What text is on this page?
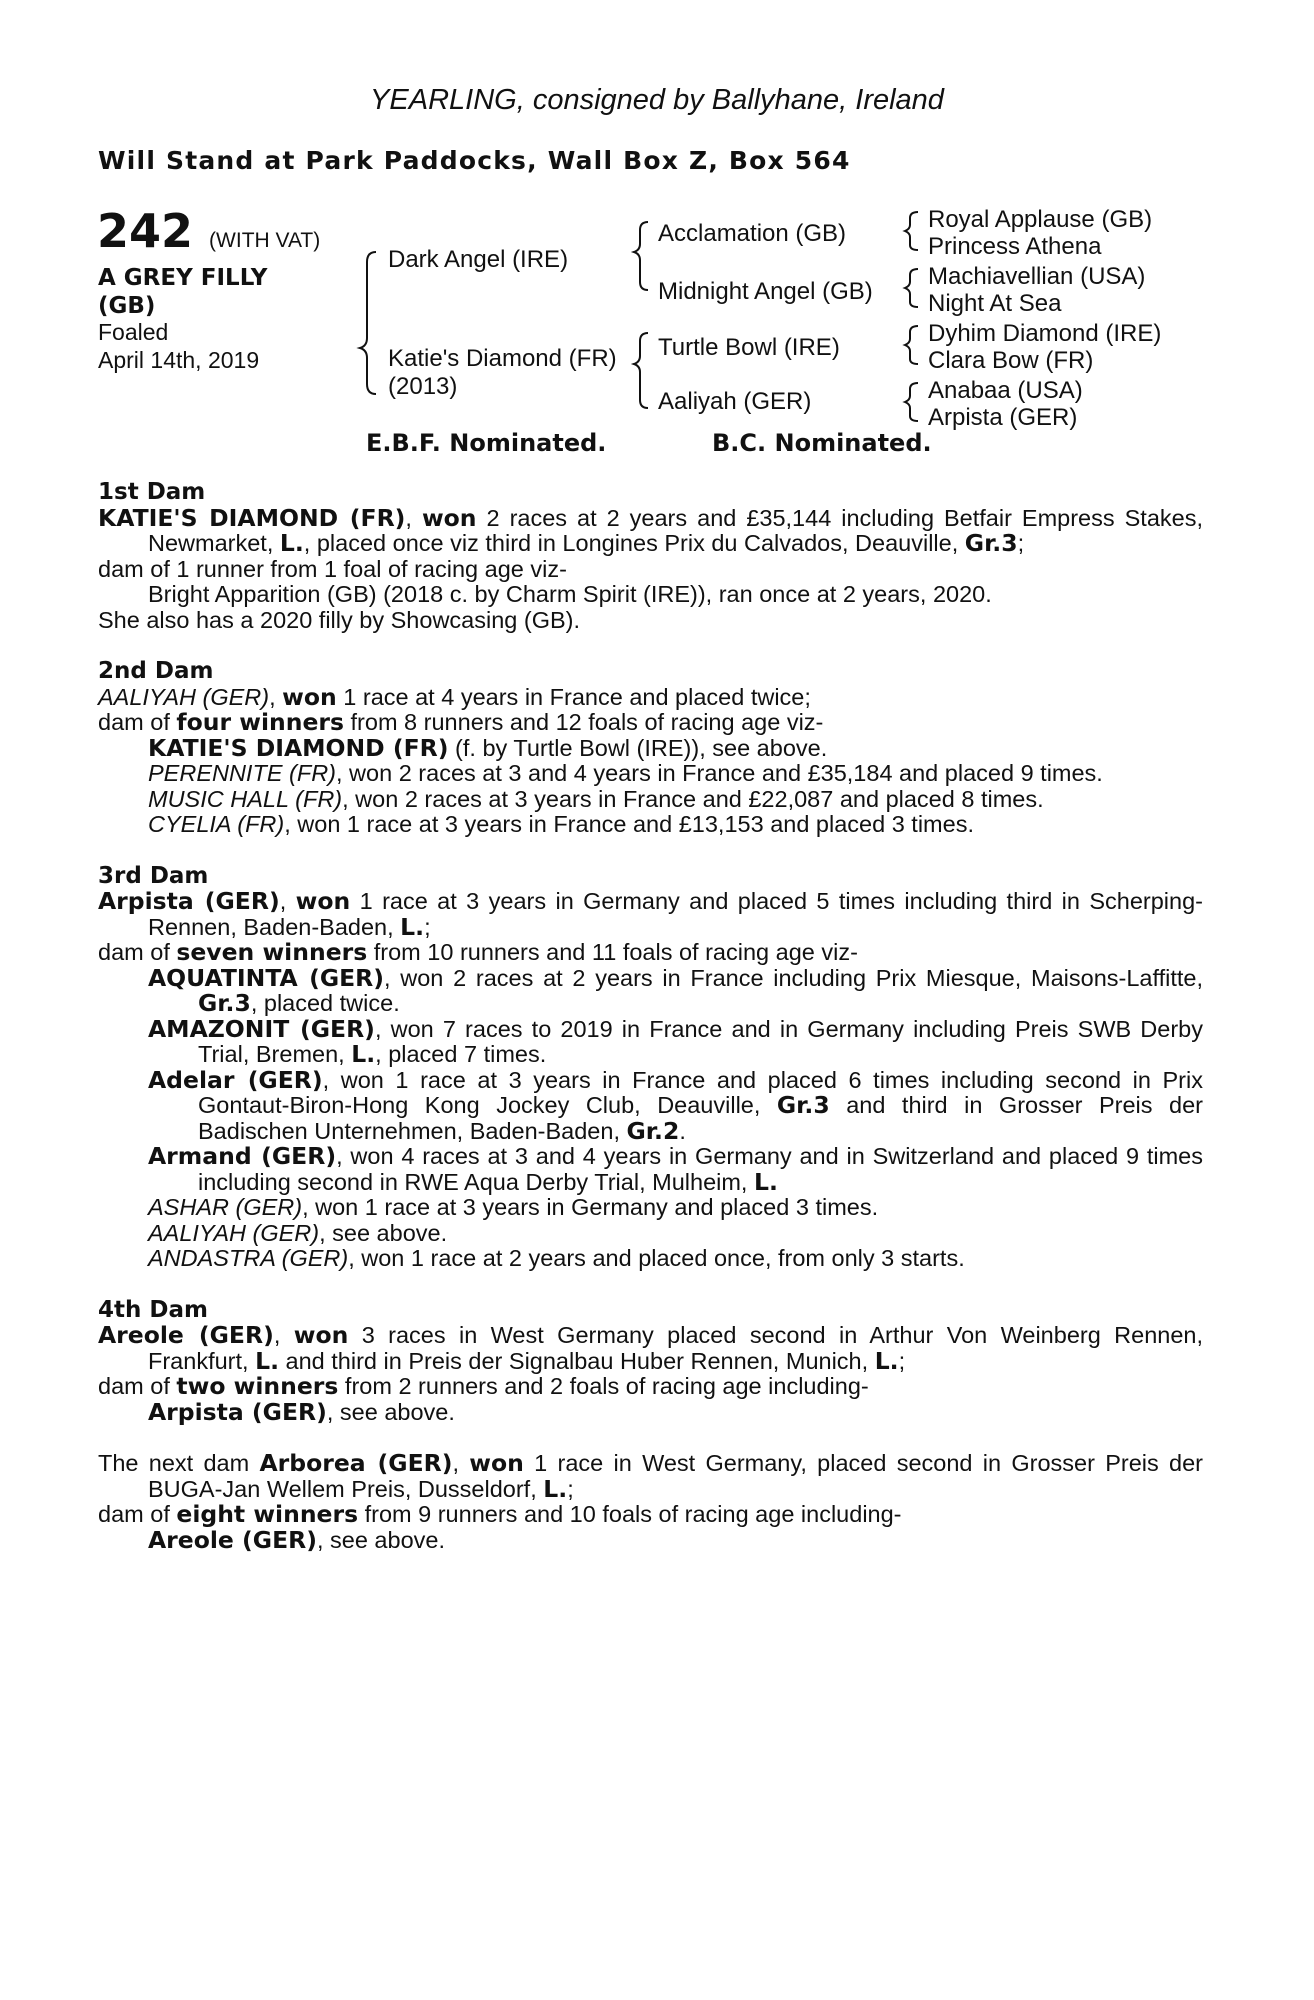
YEARLING, consigned by Ballyhane, Ireland
Will Stand at Park Paddocks, Wall Box Z, Box 564
242 (WITH VAT)
A GREY FILLY (GB)
Foaled
April 14th, 2019
Dark Angel (IRE)
Katie's Diamond (FR)
(2013)
Acclamation (GB)
Midnight Angel (GB)
Turtle Bowl (IRE)
Aaliyah (GER)
Royal Applause (GB)
Princess Athena
Machiavellian (USA)
Night At Sea
Dyhim Diamond (IRE)
Clara Bow (FR)
Anabaa (USA)
Arpista (GER)
E.B.F. Nominated.	B.C. Nominated.
1st Dam
KATIE'S DIAMOND (FR), won 2 races at 2 years and £35,144 including Betfair Empress Stakes, Newmarket, L., placed once viz third in Longines Prix du Calvados, Deauville, Gr.3;
dam of 1 runner from 1 foal of racing age viz-
Bright Apparition (GB) (2018 c. by Charm Spirit (IRE)), ran once at 2 years, 2020.
She also has a 2020 filly by Showcasing (GB).
2nd Dam
AALIYAH (GER), won 1 race at 4 years in France and placed twice;
dam of four winners from 8 runners and 12 foals of racing age viz-
KATIE'S DIAMOND (FR) (f. by Turtle Bowl (IRE)), see above.
PERENNITE (FR), won 2 races at 3 and 4 years in France and £35,184 and placed 9 times.
MUSIC HALL (FR), won 2 races at 3 years in France and £22,087 and placed 8 times.
CYELIA (FR), won 1 race at 3 years in France and £13,153 and placed 3 times.
3rd Dam
Arpista (GER), won 1 race at 3 years in Germany and placed 5 times including third in Scherping-Rennen, Baden-Baden, L.;
dam of seven winners from 10 runners and 11 foals of racing age viz-
AQUATINTA (GER), won 2 races at 2 years in France including Prix Miesque, Maisons-Laffitte, Gr.3, placed twice.
AMAZONIT (GER), won 7 races to 2019 in France and in Germany including Preis SWB Derby Trial, Bremen, L., placed 7 times.
Adelar (GER), won 1 race at 3 years in France and placed 6 times including second in Prix Gontaut-Biron-Hong Kong Jockey Club, Deauville, Gr.3 and third in Grosser Preis der Badischen Unternehmen, Baden-Baden, Gr.2.
Armand (GER), won 4 races at 3 and 4 years in Germany and in Switzerland and placed 9 times including second in RWE Aqua Derby Trial, Mulheim, L.
ASHAR (GER), won 1 race at 3 years in Germany and placed 3 times.
AALIYAH (GER), see above.
ANDASTRA (GER), won 1 race at 2 years and placed once, from only 3 starts.
4th Dam
Areole (GER), won 3 races in West Germany placed second in Arthur Von Weinberg Rennen, Frankfurt, L. and third in Preis der Signalbau Huber Rennen, Munich, L.;
dam of two winners from 2 runners and 2 foals of racing age including-
Arpista (GER), see above.
The next dam Arborea (GER), won 1 race in West Germany, placed second in Grosser Preis der BUGA-Jan Wellem Preis, Dusseldorf, L.;
dam of eight winners from 9 runners and 10 foals of racing age including-
Areole (GER), see above.
